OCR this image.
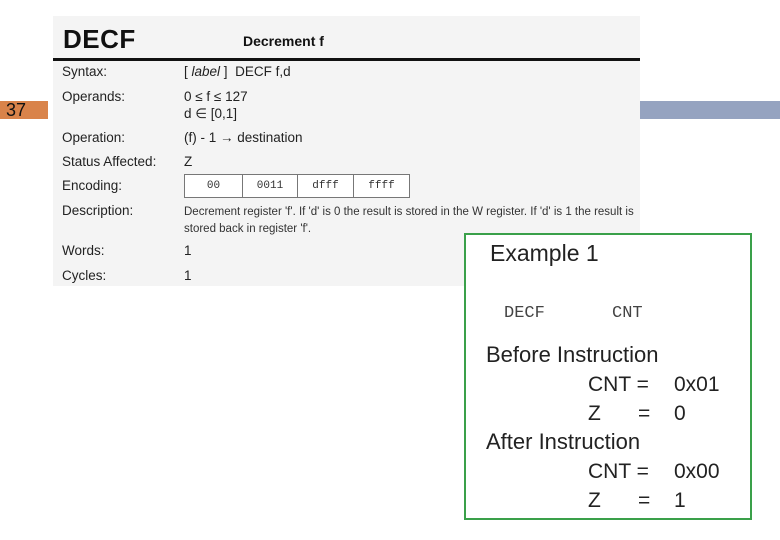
37
DECF	Decrement f
Syntax:	[ label ] DECF f,d
Operands:	0 ≤ f ≤ 127
d ∈ [0,1]
Operation:	(f) - 1 → destination
Status Affected: Z
Encoding:	00	0011	dfff	ffff
Description:	Decrement register 'f'. If 'd' is 0 the result is stored in the W register. If 'd' is 1 the result is stored back in register 'f'.
Words:	1
Cycles:	1
Example 1
DECF	CNT
Before Instruction
CNT = 0x01
Z = 0
After Instruction
CNT = 0x00
Z = 1
